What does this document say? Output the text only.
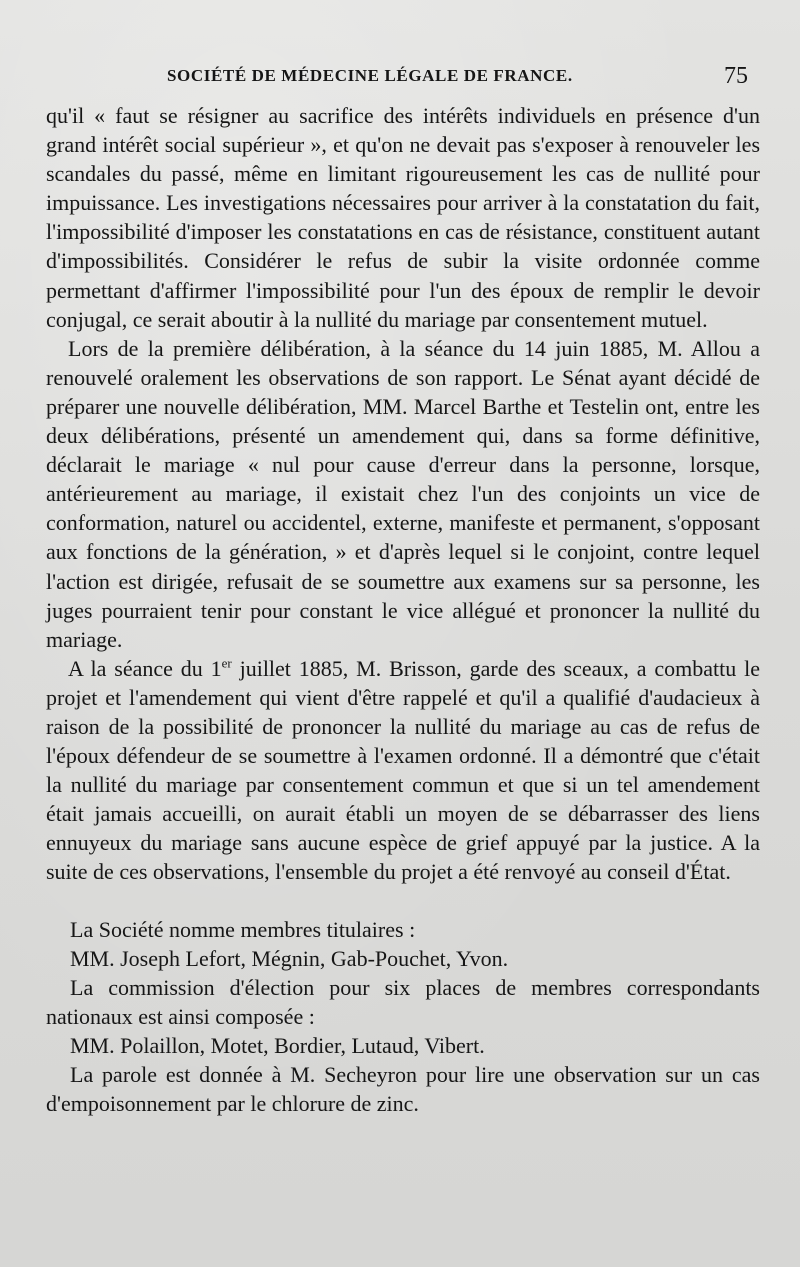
SOCIÉTÉ DE MÉDECINE LÉGALE DE FRANCE.	75

qu'il « faut se résigner au sacrifice des intérêts individuels en présence d'un grand intérêt social supérieur », et qu'on ne devait pas s'exposer à renouveler les scandales du passé, même en limitant rigoureusement les cas de nullité pour impuissance. Les investigations nécessaires pour arriver à la constatation du fait, l'impossibilité d'imposer les constatations en cas de résistance, constituent autant d'impossibilités. Considérer le refus de subir la visite ordonnée comme permettant d'affirmer l'impossibilité pour l'un des époux de remplir le devoir conjugal, ce serait aboutir à la nullité du mariage par consentement mutuel.

Lors de la première délibération, à la séance du 14 juin 1885, M. Allou a renouvelé oralement les observations de son rapport. Le Sénat ayant décidé de préparer une nouvelle délibération, MM. Marcel Barthe et Testelin ont, entre les deux délibérations, présenté un amendement qui, dans sa forme définitive, déclarait le mariage « nul pour cause d'erreur dans la personne, lorsque, antérieurement au mariage, il existait chez l'un des conjoints un vice de conformation, naturel ou accidentel, externe, manifeste et permanent, s'opposant aux fonctions de la génération, » et d'après lequel si le conjoint, contre lequel l'action est dirigée, refusait de se soumettre aux examens sur sa personne, les juges pourraient tenir pour constant le vice allégué et prononcer la nullité du mariage.

A la séance du 1er juillet 1885, M. Brisson, garde des sceaux, a combattu le projet et l'amendement qui vient d'être rappelé et qu'il a qualifié d'audacieux à raison de la possibilité de prononcer la nullité du mariage au cas de refus de l'époux défendeur de se soumettre à l'examen ordonné. Il a démontré que c'était la nullité du mariage par consentement commun et que si un tel amendement était jamais accueilli, on aurait établi un moyen de se débarrasser des liens ennuyeux du mariage sans aucune espèce de grief appuyé par la justice. A la suite de ces observations, l'ensemble du projet a été renvoyé au conseil d'État.

La Société nomme membres titulaires :

MM. Joseph Lefort, Mégnin, Gab-Pouchet, Yvon.

La commission d'élection pour six places de membres correspondants nationaux est ainsi composée :

MM. Polaillon, Motet, Bordier, Lutaud, Vibert.

La parole est donnée à M. Secheyron pour lire une observation sur un cas d'empoisonnement par le chlorure de zinc.
